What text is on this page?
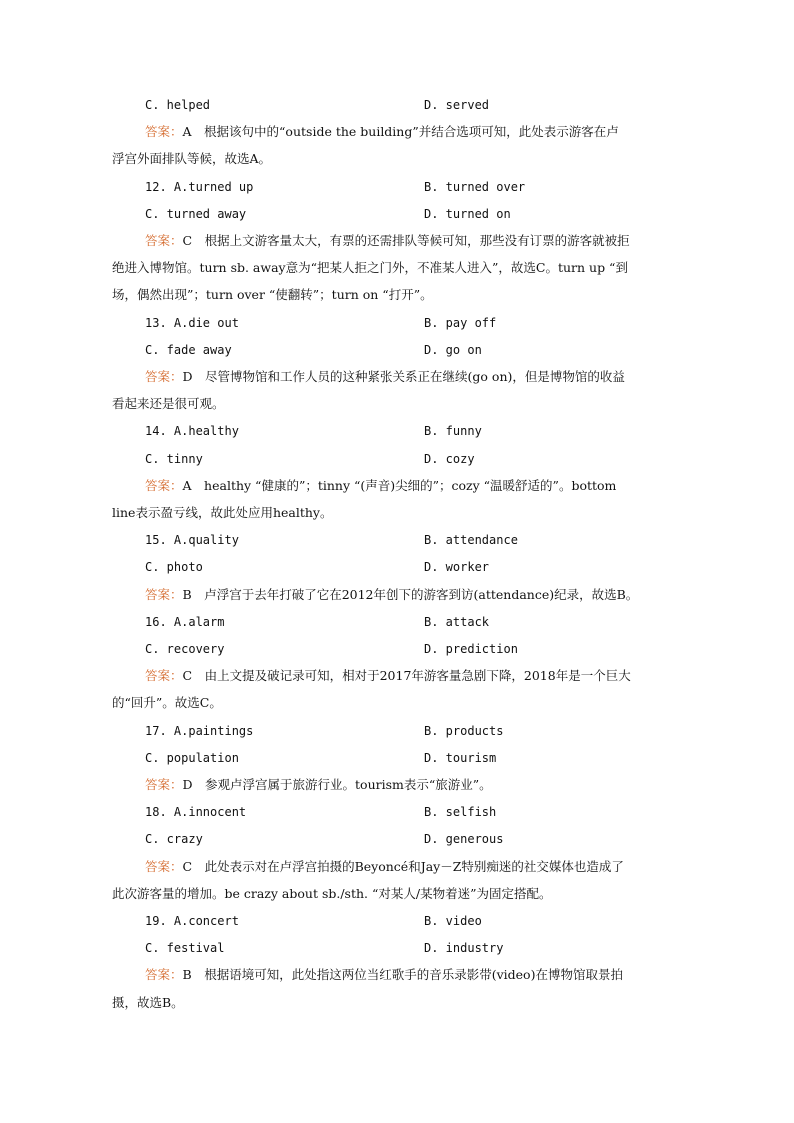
C. helped	D. served
答案：A　根据该句中的“outside the building”并结合选项可知，此处表示游客在卢
浮宫外面排队等候，故选A。
12. A.turned up	B. turned over
C. turned away	D. turned on
答案：C　根据上文游客量太大，有票的还需排队等候可知，那些没有订票的游客就被拒
绝进入博物馆。turn sb. away意为“把某人拒之门外，不准某人进入”，故选C。turn up “到
场，偶然出现”；turn over “使翻转”；turn on “打开”。
13. A.die out	B. pay off
C. fade away	D. go on
答案：D　尽管博物馆和工作人员的这种紧张关系正在继续(go on)，但是博物馆的收益
看起来还是很可观。
14. A.healthy	B. funny
C. tinny	D. cozy
答案：A　healthy “健康的”；tinny “(声音)尖细的”；cozy “温暖舒适的”。bottom
line表示盈亏线，故此处应用healthy。
15. A.quality	B. attendance
C. photo	D. worker
答案：B　卢浮宫于去年打破了它在2012年创下的游客到访(attendance)纪录，故选B。
16. A.alarm	B. attack
C. recovery	D. prediction
答案：C　由上文提及破记录可知，相对于2017年游客量急剧下降，2018年是一个巨大
的“回升”。故选C。
17. A.paintings	B. products
C. population	D. tourism
答案：D　参观卢浮宫属于旅游行业。tourism表示“旅游业”。
18. A.innocent	B. selfish
C. crazy	D. generous
答案：C　此处表示对在卢浮宫拍摄的Beyoncé和Jay－Z特别痴迷的社交媒体也造成了
此次游客量的增加。be crazy about sb./sth. “对某人/某物着迷”为固定搭配。
19. A.concert	B. video
C. festival	D. industry
答案：B　根据语境可知，此处指这两位当红歌手的音乐录影带(video)在博物馆取景拍
摄，故选B。
